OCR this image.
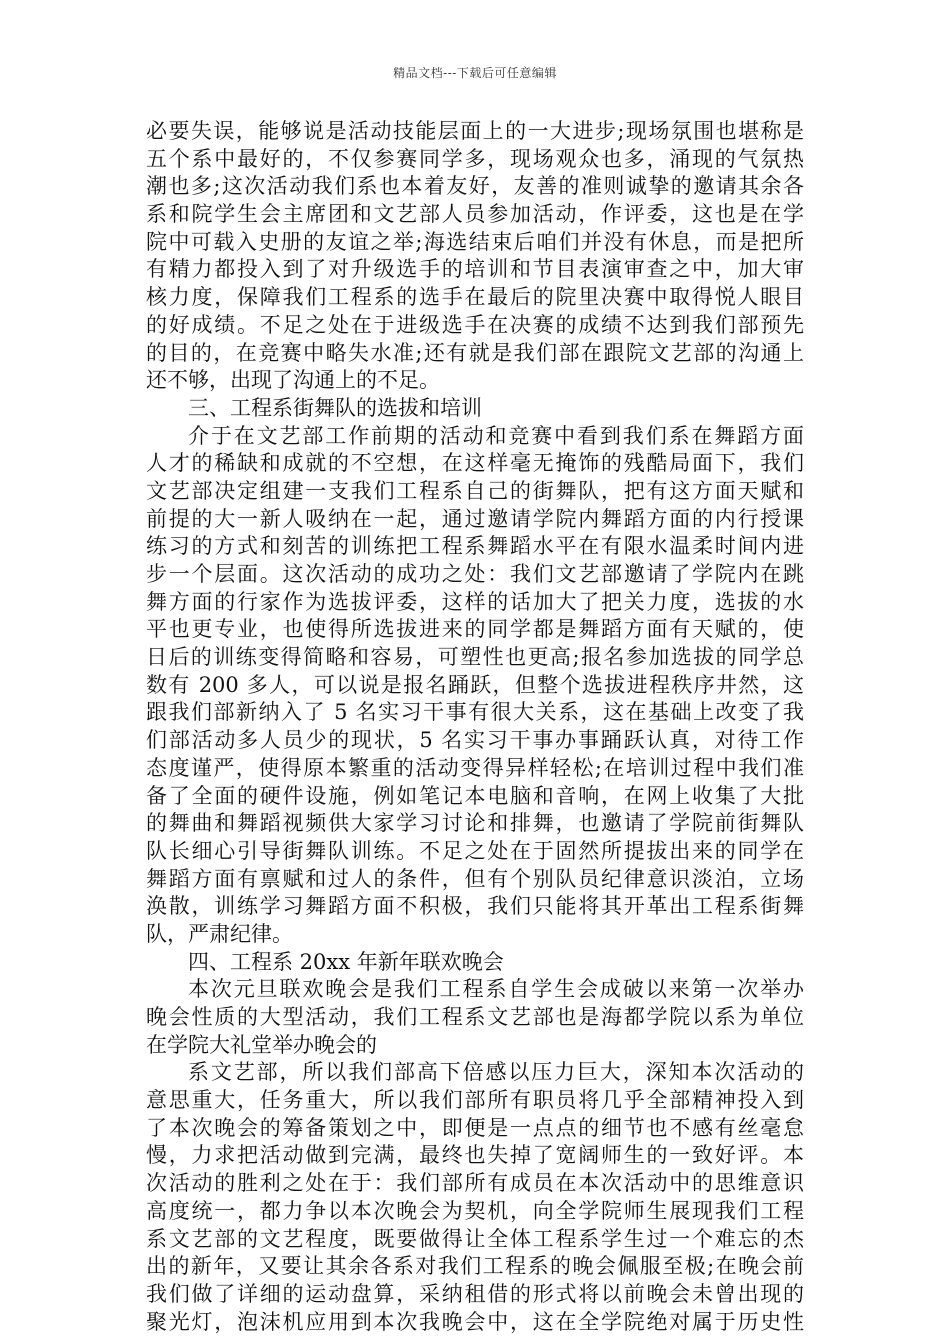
精品文档---下载后可任意编辑
必要失误，能够说是活动技能层面上的一大进步;现场氛围也堪称是
五个系中最好的，不仅参赛同学多，现场观众也多，涌现的气氛热
潮也多;这次活动我们系也本着友好，友善的准则诚挚的邀请其余各
系和院学生会主席团和文艺部人员参加活动，作评委，这也是在学
院中可载入史册的友谊之举;海选结束后咱们并没有休息，而是把所
有精力都投入到了对升级选手的培训和节目表演审查之中，加大审
核力度，保障我们工程系的选手在最后的院里决赛中取得悦人眼目
的好成绩。不足之处在于进级选手在决赛的成绩不达到我们部预先
的目的，在竞赛中略失水准;还有就是我们部在跟院文艺部的沟通上
还不够，出现了沟通上的不足。
三、工程系街舞队的选拔和培训
介于在文艺部工作前期的活动和竞赛中看到我们系在舞蹈方面
人才的稀缺和成就的不空想，在这样毫无掩饰的残酷局面下，我们
文艺部决定组建一支我们工程系自己的街舞队，把有这方面天赋和
前提的大一新人吸纳在一起，通过邀请学院内舞蹈方面的内行授课
练习的方式和刻苦的训练把工程系舞蹈水平在有限水温柔时间内进
步一个层面。这次活动的成功之处：我们文艺部邀请了学院内在跳
舞方面的行家作为选拔评委，这样的话加大了把关力度，选拔的水
平也更专业，也使得所选拔进来的同学都是舞蹈方面有天赋的，使
日后的训练变得简略和容易，可塑性也更高;报名参加选拔的同学总
数有 200 多人，可以说是报名踊跃，但整个选拔进程秩序井然，这
跟我们部新纳入了 5 名实习干事有很大关系，这在基础上改变了我
们部活动多人员少的现状，5 名实习干事办事踊跃认真，对待工作
态度谨严，使得原本繁重的活动变得异样轻松;在培训过程中我们准
备了全面的硬件设施，例如笔记本电脑和音响，在网上收集了大批
的舞曲和舞蹈视频供大家学习讨论和排舞，也邀请了学院前街舞队
队长细心引导街舞队训练。不足之处在于固然所提拔出来的同学在
舞蹈方面有禀赋和过人的条件，但有个别队员纪律意识淡泊，立场
涣散，训练学习舞蹈方面不积极，我们只能将其开革出工程系街舞
队，严肃纪律。
四、工程系 20xx 年新年联欢晚会
本次元旦联欢晚会是我们工程系自学生会成破以来第一次举办
晚会性质的大型活动，我们工程系文艺部也是海都学院以系为单位
在学院大礼堂举办晚会的
系文艺部，所以我们部高下倍感以压力巨大，深知本次活动的
意思重大，任务重大，所以我们部所有职员将几乎全部精神投入到
了本次晚会的筹备策划之中，即便是一点点的细节也不感有丝毫怠
慢，力求把活动做到完满，最终也失掉了宽阔师生的一致好评。本
次活动的胜利之处在于：我们部所有成员在本次活动中的思维意识
高度统一，都力争以本次晚会为契机，向全学院师生展现我们工程
系文艺部的文艺程度，既要做得让全体工程系学生过一个难忘的杰
出的新年，又要让其余各系对我们工程系的晚会佩服至极;在晚会前
我们做了详细的运动盘算，采纳租借的形式将以前晚会未曾出现的
聚光灯，泡沫机应用到本次我晚会中，这在全学院绝对属于历史性
